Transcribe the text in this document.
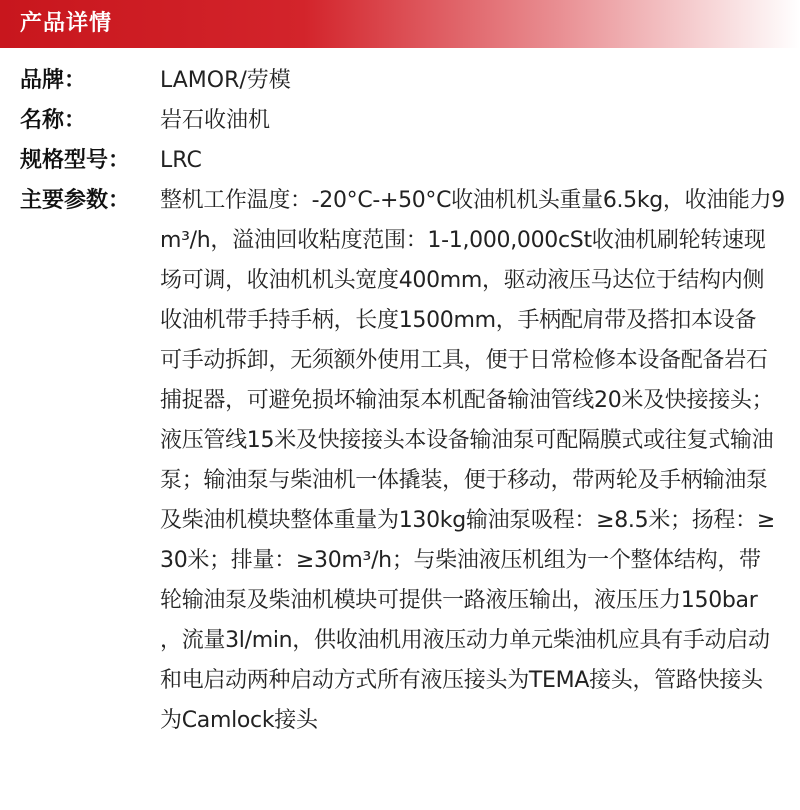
产品详情
品牌：	LAMOR/劳模
名称：	岩石收油机
规格型号： LRC
主要参数： 整机工作温度：-20°C-+50°C收油机机头重量6.5kg，收油能力9
m³/h，溢油回收粘度范围：1-1,000,000cSt收油机刷轮转速现
场可调，收油机机头宽度400mm，驱动液压马达位于结构内侧
收油机带手持手柄，长度1500mm，手柄配肩带及搭扣本设备
可手动拆卸，无须额外使用工具，便于日常检修本设备配备岩石
捕捉器，可避免损坏输油泵本机配备输油管线20米及快接接头；
液压管线15米及快接接头本设备输油泵可配隔膜式或往复式输油
泵；输油泵与柴油机一体撬装，便于移动，带两轮及手柄输油泵
及柴油机模块整体重量为130kg输油泵吸程：≥8.5米；扬程：≥
30米；排量：≥30m³/h；与柴油液压机组为一个整体结构，带
轮输油泵及柴油机模块可提供一路液压输出，液压压力150bar
，流量3l/min，供收油机用液压动力单元柴油机应具有手动启动
和电启动两种启动方式所有液压接头为TEMA接头，管路快接头
为Camlock接头
